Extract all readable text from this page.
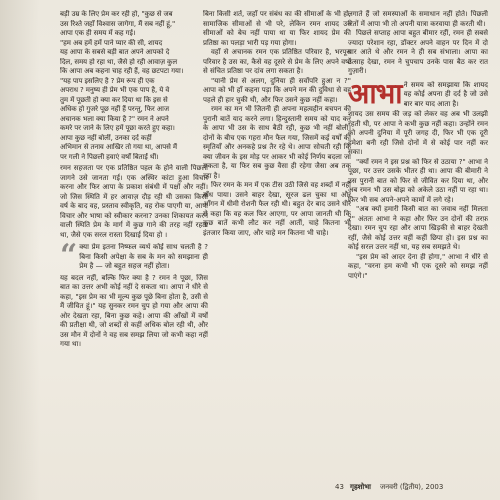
बड़ी उम्र के लिए प्रेम कर रही हो, "कुछ से जब
उस रिश्ते जहाँ विश्वास जागेगा, मैं सब नहीं हूं,"
आपा एक ही समय में कह गई।
"हम अब हमें हमें पाने प्यार की सी, शायद
यह आपा के सबसे बड़ी बात अपने आपको दे
दिल, समय हो रहा था, जैसे हो रही आवाज़ कुल
कि आपा अब कहना चाह रही हैं, वह छटपटा गया।
"यह पाप इसलिए है ? प्रेम रूप ही एक
अपराध ? मनुष्य ही प्रेम भी एक पाप है, ये वे
तुम में पूछती हो क्या कर दिया था कि इस से
अधिक हो गुजरे पूछ नहीं हैं परन्तु, फिर आज
अचानक भला क्या किया है ?" रमन ने अपने
कमरे पर जाने के लिए हमें पूछा करते हुए कहा।
आपा कुछ नहीं बोलीं, उनका दर्द कहीं
अभिमान से तनाव आखिर तो गया था, आपसे मैं
पर गली ने पिछली हवाएं वर्षों बिताईं थीं।
रमन सहजता पर एक प्रतिष्ठित पहल के होने वाली पिछली जागने उसे जानता गई। एक अस्थिर कांटा हुआ विचार करना और फिर आपा के प्रकाश संबंधी में पक्षों और नहीं। जो जिस स्थिति में हर आवाज़ दौड़ रही थी उसका किसी वर्ष के बाद वह, प्रस्ताव स्वीकृति, वह रोक पाएगी या, आपा विचार और भाषा को स्वीकार करना? उनका शिकायत करने वाली स्थिति प्रेम के मार्ग में कुछ गाने की तरह नहीं रहता था, जैसे एक सरल रास्ता दिखाई दिया हो ।
“ क्या प्रेम इतना निष्फल व्यर्थ कोई साथ चलती है ? बिना किसी अपेक्षा के सब के मन को समझाना ही प्रेम है — जो बहुत सहज नहीं होता।
यह बदल नहीं, बल्कि फिर क्या है ? रमन ने पूछा, जिस बात का उत्तर अभी कोई नहीं दे सकता था। आपा ने धीरे से कहा, "इस प्रेम का भी मूल्य कुछ पूछे बिना होता है, उसी से मैं जीवित हूं।" यह सुनकर रमन चुप हो गया और आपा की ओर देखता रहा, बिना कुछ कहे। आपा की आँखों में वर्षों की प्रतीक्षा थी, जो शब्दों से कहीं अधिक बोल रही थी, और उस मौन में दोनों ने वह सब समझ लिया जो कभी कहा नहीं गया था।
बिना किसी शर्त, जहाँ पर संबंध का की सीमाओं के भी हो, सामाजिक सीमाओं से भी परे, लेकिन रमन शायद उन सीमाओं को बेच नहीं पाया था या फिर शायद प्रेम की प्रतिष्ठा का पलड़ा भारी पड़ गया होगा।
वहाँ से अचानक रमन एक प्रतिष्ठित परिवार है, भरपूरा परिवार है उस का, कैसे वह दूसरे से प्रेम के लिए अपने वर्षों से संचित प्रतिष्ठा पर दांव लगा सकता है।
"यानी प्रेम से अलग, दुनिया ही सर्वोपरि हुआ न ?" आपा को भी हाँ कहना पड़ा कि अपने मन की दुविधा से वह पहले ही हार चुकी थी, और फिर उसने कुछ नहीं कहा।
रमन का मन भी जितनी ही अपना महत्वहीन बचपन की पुरानी बातें याद करने लगा। हिन्दुस्तानी समय को याद कर के आपा भी उस के साथ बैठी रही, कुछ भी नहीं बोली। दोनों के बीच एक गहरा मौन फैल गया, जिसमें कई वर्षों की स्मृतियाँ और अनकहे प्रश्न तैर रहे थे। आपा सोचती रही कि क्या जीवन के इस मोड़ पर आकर भी कोई निर्णय बदला जा सकता है, या फिर सब कुछ वैसा ही रहेगा जैसा अब तक रहा है।
फिर रमन के मन में एक टीस उठी जिसे वह शब्दों में नहीं बाँध पाया। उसने बाहर देखा, सूरज ढल चुका था और आँगन में धीमी रोशनी फैल रही थी। बहुत देर बाद उसने धीरे से कहा कि वह कल फिर आएगा, पर आपा जानती थी कि कुछ बातें कभी लौट कर नहीं आतीं, चाहे कितना भी इंतजार किया जाए, और चाहे मन कितना भी चाहे।
लगाते हैं जो समस्याओं के समाधान नहीं होते। पिछली रितों में आपा भी तो अपनी यात्रा करवाया ही करती थी।
पिछले सप्ताह आपा बहुत बीमार रहीं, रमन ही सबसे ज्यादा परेशान रहा, डॉक्टर अपने वाहन पर दिन में दो बार आते थे और रमन ने ही सब संभाला। आपा का उत्साह देखा, रमन ने चुपचाप उनके पास बैठ कर रात गुज़ारी।
आभा ने समय को समझाया कि शायद यह कोई अपना ही दर्द है जो उसे बार बार याद आता है।
शायद उस समय की जड़ को लेकर वह अब भी उलझी रहती थी, पर आपा ने कभी कुछ नहीं कहा। उन्होंने रमन को अपनी दुनिया में पूरी जगह दी, फिर भी एक दूरी हमेशा बनी रही जिसे दोनों में से कोई पार नहीं कर सका।
"क्यों रमन ने इस प्रश्न को फिर से उठाया ?" आभा ने पूछा, पर उत्तर उसके भीतर ही था। आपा की बीमारी ने उस पुरानी बात को फिर से जीवित कर दिया था, और अब रमन भी उस बोझ को अकेले उठा नहीं पा रहा था। फिर भी सब अपने-अपने कामों में लगे रहे।
"अब क्यों हमारी किसी बात का जवाब नहीं मिलता ?" अंततः आभा ने कहा और फिर उन दोनों की तरफ़ देखा। रमन चुप रहा और आपा खिड़की से बाहर देखती रहीं, जैसे कोई उत्तर वहीं कहीं छिपा हो। इस प्रश्न का कोई सरल उत्तर नहीं था, यह सब समझते थे।
"इस प्रेम को आदर देना ही होगा," आभा ने धीरे से कहा, "वरना हम कभी भी एक दूसरे को समझ नहीं पाएंगे।"
43 गृहशोभा जनवरी (द्वितीय), 2003
